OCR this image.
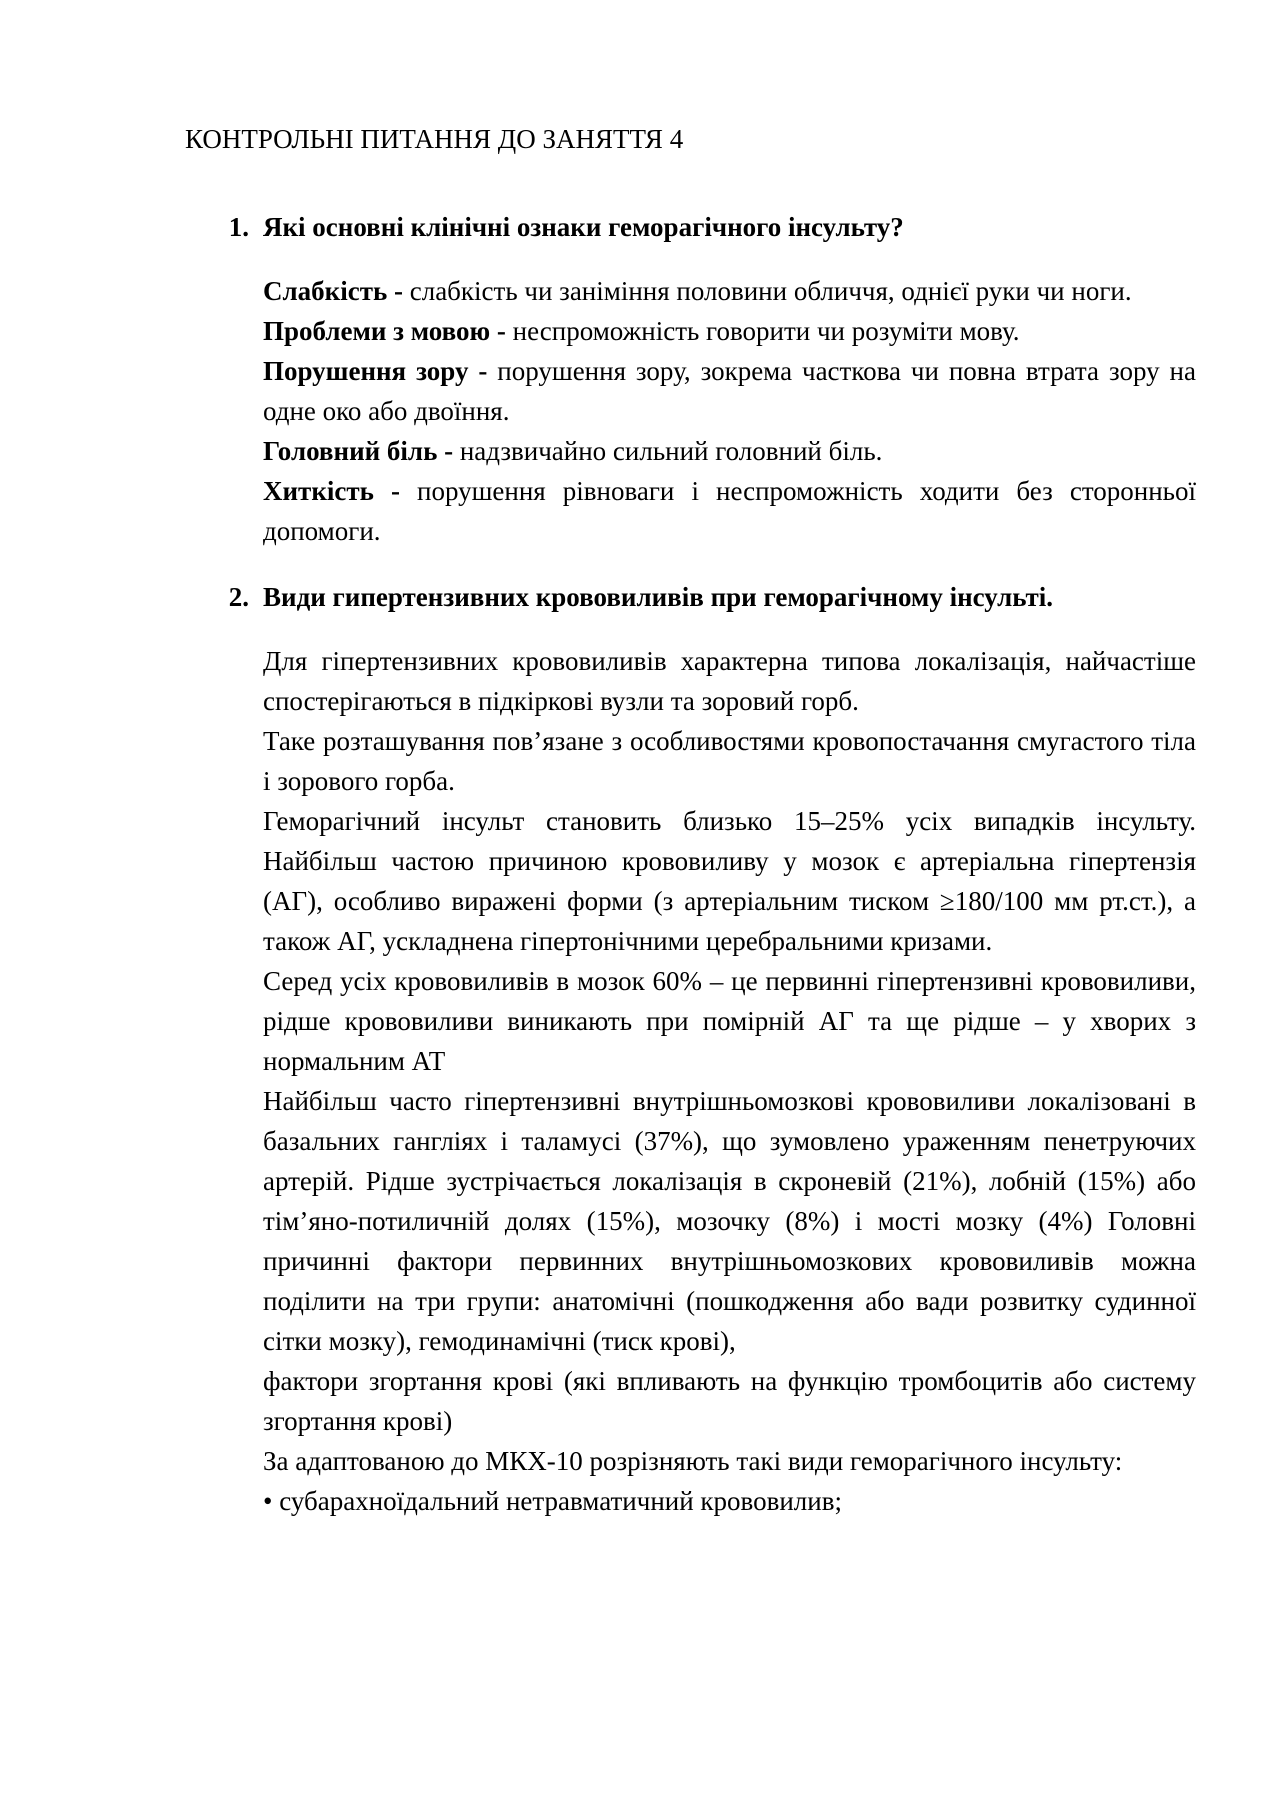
КОНТРОЛЬНІ ПИТАННЯ ДО ЗАНЯТТЯ 4

1. Які основні клінічні ознаки геморагічного інсульту?

Слабкість - слабкість чи заніміння половини обличчя, однієї руки чи ноги.

Проблеми з мовою - неспроможність говорити чи розуміти мову.

Порушення зору - порушення зору, зокрема часткова чи повна втрата зору на одне око або двоїння.

Головний біль - надзвичайно сильний головний біль.

Хиткість - порушення рівноваги і неспроможність ходити без сторонньої допомоги.

2. Види гипертензивних крововиливів при геморагічному інсульті.

Для гіпертензивних крововиливів характерна типова локалізація, найчастіше спостерігаються в підкіркові вузли та зоровий горб.

Таке розташування пов’язане з особливостями кровопостачання смугастого тіла і зорового горба.

Геморагічний інсульт становить близько 15–25% усіх випадків інсульту. Найбільш частою причиною крововиливу у мозок є артеріальна гіпертензія (АГ), особливо виражені форми (з артеріальним тиском ≥180/100 мм рт.ст.), а також АГ, ускладнена гіпертонічними церебральними кризами.

Серед усіх крововиливів в мозок 60% – це первинні гіпертензивні крововиливи, рідше крововиливи виникають при помірній АГ та ще рідше – у хворих з нормальним АТ

Найбільш часто гіпертензивні внутрішньомозкові крововиливи локалізовані в базальних гангліях і таламусі (37%), що зумовлено ураженням пенетруючих артерій. Рідше зустрічається локалізація в скроневій (21%), лобній (15%) або тім’яно-потиличній долях (15%), мозочку (8%) і мості мозку (4%) Головні причинні фактори первинних внутрішньомозкових крововиливів можна поділити на три групи: анатомічні (пошкодження або вади розвитку судинної сітки мозку), гемодинамічні (тиск крові),

фактори згортання крові (які впливають на функцію тромбоцитів або систему згортання крові)

За адаптованою до МКХ-10 розрізняють такі види геморагічного інсульту:

• субарахноїдальний нетравматичний крововилив;
